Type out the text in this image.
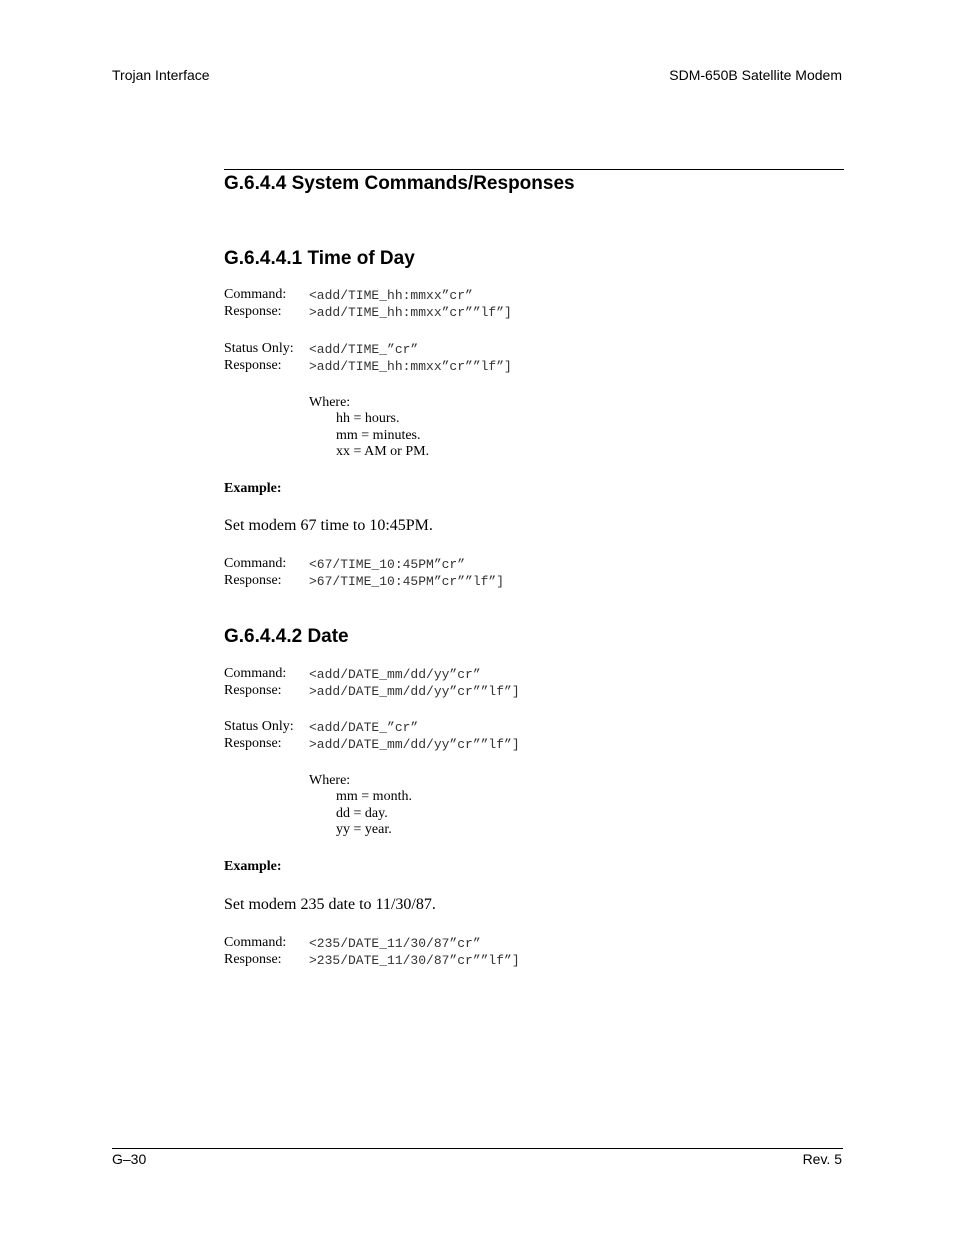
Trojan Interface	SDM-650B Satellite Modem
G.6.4.4 System Commands/Responses
G.6.4.4.1 Time of Day
Command: <add/TIME_hh:mmxx”cr”
Response: >add/TIME_hh:mmxx”cr””lf”]
Status Only: <add/TIME_”cr”
Response: >add/TIME_hh:mmxx”cr””lf”]
Where:
hh = hours.
mm = minutes.
xx = AM or PM.
Example:
Set modem 67 time to 10:45PM.
Command: <67/TIME_10:45PM”cr”
Response: >67/TIME_10:45PM”cr””lf”]
G.6.4.4.2 Date
Command: <add/DATE_mm/dd/yy”cr”
Response: >add/DATE_mm/dd/yy”cr””lf”]
Status Only: <add/DATE_”cr”
Response: >add/DATE_mm/dd/yy”cr””lf”]
Where:
mm = month.
dd = day.
yy = year.
Example:
Set modem 235 date to 11/30/87.
Command: <235/DATE_11/30/87”cr”
Response: >235/DATE_11/30/87”cr””lf”]
G–30	Rev. 5
